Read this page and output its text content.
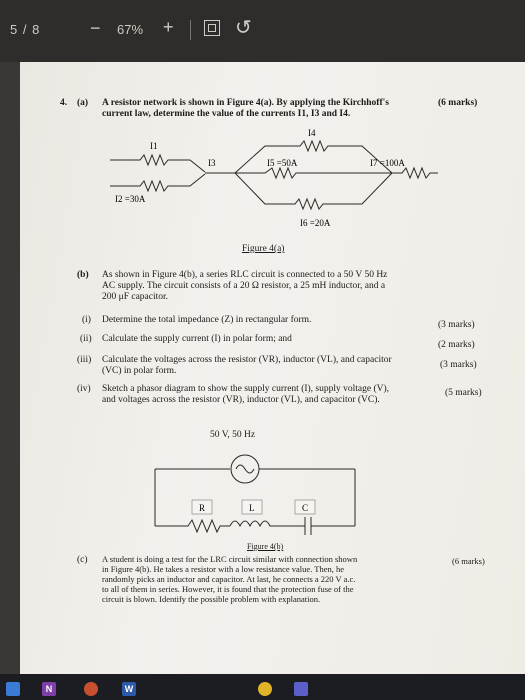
5 / 8	− 67% +	↺
4. (a) A resistor network is shown in Figure 4(a). By applying the Kirchhoff's	(6 marks)
current law, determine the value of the currents I1, I3 and I4.
I1
I2 =30A
I3
I4
I5 =50A
I6 =20A
I7 =100A
Figure 4(a)
(b) As shown in Figure 4(b), a series RLC circuit is connected to a 50 V 50 Hz
AC supply. The circuit consists of a 20 Ω resistor, a 25 mH inductor, and a
200 μF capacitor.
(i) Determine the total impedance (Z) in rectangular form.	(3 marks)
(ii) Calculate the supply current (I) in polar form; and
(2 marks)
(iii) Calculate the voltages across the resistor (VR), inductor (VL), and capacitor
(VC) in polar form.
(3 marks)
(iv) Sketch a phasor diagram to show the supply current (I), supply voltage (V),
and voltages across the resistor (VR), inductor (VL), and capacitor (VC).
(5 marks)
50 V, 50 Hz
R	L	C
Figure 4(b)
(c) A student is doing a test for the LRC circuit similar with connection shown
in Figure 4(b). He takes a resistor with a low resistance value. Then, he
randomly picks an inductor and capacitor. At last, he connects a 220 V a.c.
to all of them in series. However, it is found that the protection fuse of the
circuit is blown. Identify the possible problem with explanation.
(6 marks)
N	W
